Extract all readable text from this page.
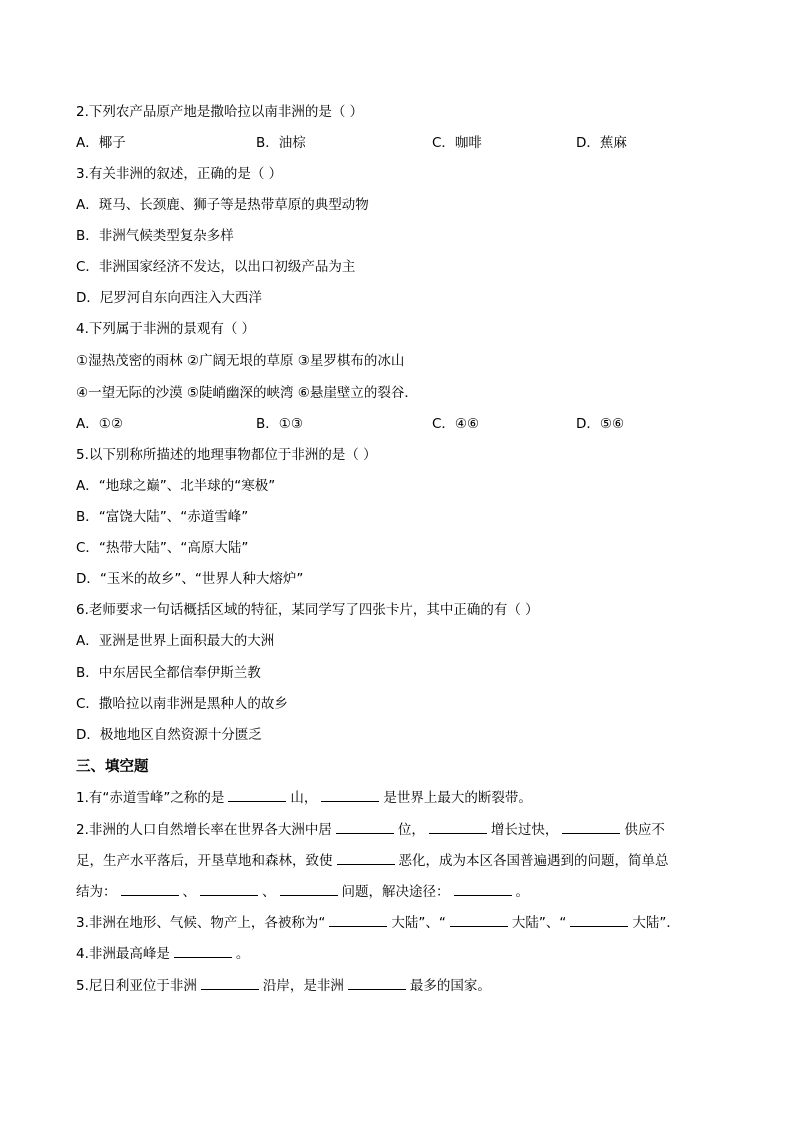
2.下列农产品原产地是撒哈拉以南非洲的是（ ）
A．椰子	B．油棕	C．咖啡	D．蕉麻
3.有关非洲的叙述，正确的是（ ）
A．斑马、长颈鹿、狮子等是热带草原的典型动物
B．非洲气候类型复杂多样
C．非洲国家经济不发达，以出口初级产品为主
D．尼罗河自东向西注入大西洋
4.下列属于非洲的景观有（ ）
①湿热茂密的雨林 ②广阔无垠的草原 ③星罗棋布的冰山
④一望无际的沙漠 ⑤陡峭幽深的峡湾 ⑥悬崖壁立的裂谷．
A．①②	B．①③	C．④⑥	D．⑤⑥
5.以下别称所描述的地理事物都位于非洲的是（ ）
A．“地球之巅”、北半球的“寒极”
B．“富饶大陆”、“赤道雪峰”
C．“热带大陆”、“高原大陆”
D．“玉米的故乡”、“世界人种大熔炉”
6.老师要求一句话概括区域的特征，某同学写了四张卡片，其中正确的有（ ）
A．亚洲是世界上面积最大的大洲
B．中东居民全都信奉伊斯兰教
C．撒哈拉以南非洲是黑种人的故乡
D．极地地区自然资源十分匮乏
三、填空题
1.有“赤道雪峰”之称的是	山，	是世界上最大的断裂带。
2.非洲的人口自然增长率在世界各大洲中居	位，	增长过快，	供应不
足，生产水平落后，开垦草地和森林，致使	恶化，成为本区各国普遍遇到的问题，简单总
结为：	、	、	问题，解决途径：	。
3.非洲在地形、气候、物产上，各被称为“	大陆”、“	大陆”、“	大陆”．
4.非洲最高峰是	。
5.尼日利亚位于非洲	沿岸，是非洲	最多的国家。
